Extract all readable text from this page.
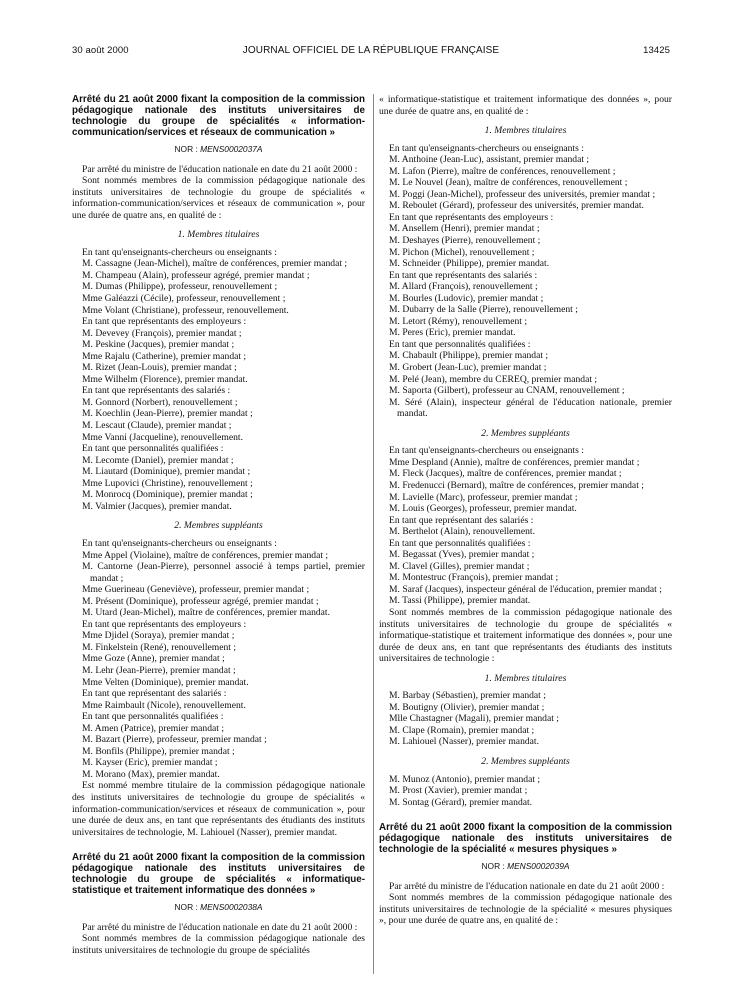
30 août 2000	JOURNAL OFFICIEL DE LA RÉPUBLIQUE FRANÇAISE	13425

Arrêté du 21 août 2000 fixant la composition de la commission pédagogique nationale des instituts universitaires de technologie du groupe de spécialités « information-communication/services et réseaux de communication »

NOR : MENS0002037A

Par arrêté du ministre de l'éducation nationale en date du 21 août 2000 :

Sont nommés membres de la commission pédagogique nationale des instituts universitaires de technologie du groupe de spécialités « information-communication/services et réseaux de communication », pour une durée de quatre ans, en qualité de :

1. Membres titulaires

En tant qu'enseignants-chercheurs ou enseignants :

M. Cassagne (Jean-Michel), maître de conférences, premier mandat ;

M. Champeau (Alain), professeur agrégé, premier mandat ;

M. Dumas (Philippe), professeur, renouvellement ;

Mme Galéazzi (Cécile), professeur, renouvellement ;

Mme Volant (Christiane), professeur, renouvellement.

En tant que représentants des employeurs :

M. Devevey (François), premier mandat ;

M. Peskine (Jacques), premier mandat ;

Mme Rajalu (Catherine), premier mandat ;

M. Rizet (Jean-Louis), premier mandat ;

Mme Wilhelm (Florence), premier mandat.

En tant que représentants des salariés :

M. Gonnord (Norbert), renouvellement ;

M. Koechlin (Jean-Pierre), premier mandat ;

M. Lescaut (Claude), premier mandat ;

Mme Vanni (Jacqueline), renouvellement.

En tant que personnalités qualifiées :

M. Lecomte (Daniel), premier mandat ;

M. Liautard (Dominique), premier mandat ;

Mme Lupovici (Christine), renouvellement ;

M. Monrocq (Dominique), premier mandat ;

M. Valmier (Jacques), premier mandat.

2. Membres suppléants

En tant qu'enseignants-chercheurs ou enseignants :

Mme Appel (Violaine), maître de conférences, premier mandat ;

M. Cantorne (Jean-Pierre), personnel associé à temps partiel, premier mandat ;

Mme Guerineau (Geneviève), professeur, premier mandat ;

M. Présent (Dominique), professeur agrégé, premier mandat ;

M. Utard (Jean-Michel), maître de conférences, premier mandat.

En tant que représentants des employeurs :

Mme Djidel (Soraya), premier mandat ;

M. Finkelstein (René), renouvellement ;

Mme Goze (Anne), premier mandat ;

M. Lehr (Jean-Pierre), premier mandat ;

Mme Velten (Dominique), premier mandat.

En tant que représentant des salariés :

Mme Raimbault (Nicole), renouvellement.

En tant que personnalités qualifiées :

M. Amen (Patrice), premier mandat ;

M. Bazart (Pierre), professeur, premier mandat ;

M. Bonfils (Philippe), premier mandat ;

M. Kayser (Eric), premier mandat ;

M. Morano (Max), premier mandat.

Est nommé membre titulaire de la commission pédagogique nationale des instituts universitaires de technologie du groupe de spécialités « information-communication/services et réseaux de communication », pour une durée de deux ans, en tant que représentants des étudiants des instituts universitaires de technologie, M. Lahiouel (Nasser), premier mandat.

Arrêté du 21 août 2000 fixant la composition de la commission pédagogique nationale des instituts universitaires de technologie du groupe de spécialités « informatique-statistique et traitement informatique des données »

NOR : MENS0002038A

Par arrêté du ministre de l'éducation nationale en date du 21 août 2000 :

Sont nommés membres de la commission pédagogique nationale des instituts universitaires de technologie du groupe de spécialités

« informatique-statistique et traitement informatique des données », pour une durée de quatre ans, en qualité de :

1. Membres titulaires

En tant qu'enseignants-chercheurs ou enseignants :

M. Anthoine (Jean-Luc), assistant, premier mandat ;

M. Lafon (Pierre), maître de conférences, renouvellement ;

M. Le Nouvel (Jean), maître de conférences, renouvellement ;

M. Poggi (Jean-Michel), professeur des universités, premier mandat ;

M. Reboulet (Gérard), professeur des universités, premier mandat.

En tant que représentants des employeurs :

M. Ansellem (Henri), premier mandat ;

M. Deshayes (Pierre), renouvellement ;

M. Pichon (Michel), renouvellement ;

M. Schneider (Philippe), premier mandat.

En tant que représentants des salariés :

M. Allard (François), renouvellement ;

M. Bourles (Ludovic), premier mandat ;

M. Dubarry de la Salle (Pierre), renouvellement ;

M. Letort (Rémy), renouvellement ;

M. Peres (Eric), premier mandat.

En tant que personnalités qualifiées :

M. Chabault (Philippe), premier mandat ;

M. Grobert (Jean-Luc), premier mandat ;

M. Pelé (Jean), membre du CEREQ, premier mandat ;

M. Saporta (Gilbert), professeur au CNAM, renouvellement ;

M. Séré (Alain), inspecteur général de l'éducation nationale, premier mandat.

2. Membres suppléants

En tant qu'enseignants-chercheurs ou enseignants :

Mme Despland (Annie), maître de conférences, premier mandat ;

M. Fleck (Jacques), maître de conférences, premier mandat ;

M. Fredenucci (Bernard), maître de conférences, premier mandat ;

M. Lavielle (Marc), professeur, premier mandat ;

M. Louis (Georges), professeur, premier mandat.

En tant que représentant des salariés :

M. Berthelot (Alain), renouvellement.

En tant que personnalités qualifiées :

M. Begassat (Yves), premier mandat ;

M. Clavel (Gilles), premier mandat ;

M. Montestruc (François), premier mandat ;

M. Saraf (Jacques), inspecteur général de l'éducation, premier mandat ;

M. Tassi (Philippe), premier mandat.

Sont nommés membres de la commission pédagogique nationale des instituts universitaires de technologie du groupe de spécialités « informatique-statistique et traitement informatique des données », pour une durée de deux ans, en tant que représentants des étudiants des instituts universitaires de technologie :

1. Membres titulaires

M. Barbay (Sébastien), premier mandat ;

M. Boutigny (Olivier), premier mandat ;

Mlle Chastagner (Magali), premier mandat ;

M. Clape (Romain), premier mandat ;

M. Lahiouel (Nasser), premier mandat.

2. Membres suppléants

M. Munoz (Antonio), premier mandat ;

M. Prost (Xavier), premier mandat ;

M. Sontag (Gérard), premier mandat.

Arrêté du 21 août 2000 fixant la composition de la commission pédagogique nationale des instituts universitaires de technologie de la spécialité « mesures physiques »

NOR : MENS0002039A

Par arrêté du ministre de l'éducation nationale en date du 21 août 2000 :

Sont nommés membres de la commission pédagogique nationale des instituts universitaires de technologie de la spécialité « mesures physiques », pour une durée de quatre ans, en qualité de :
